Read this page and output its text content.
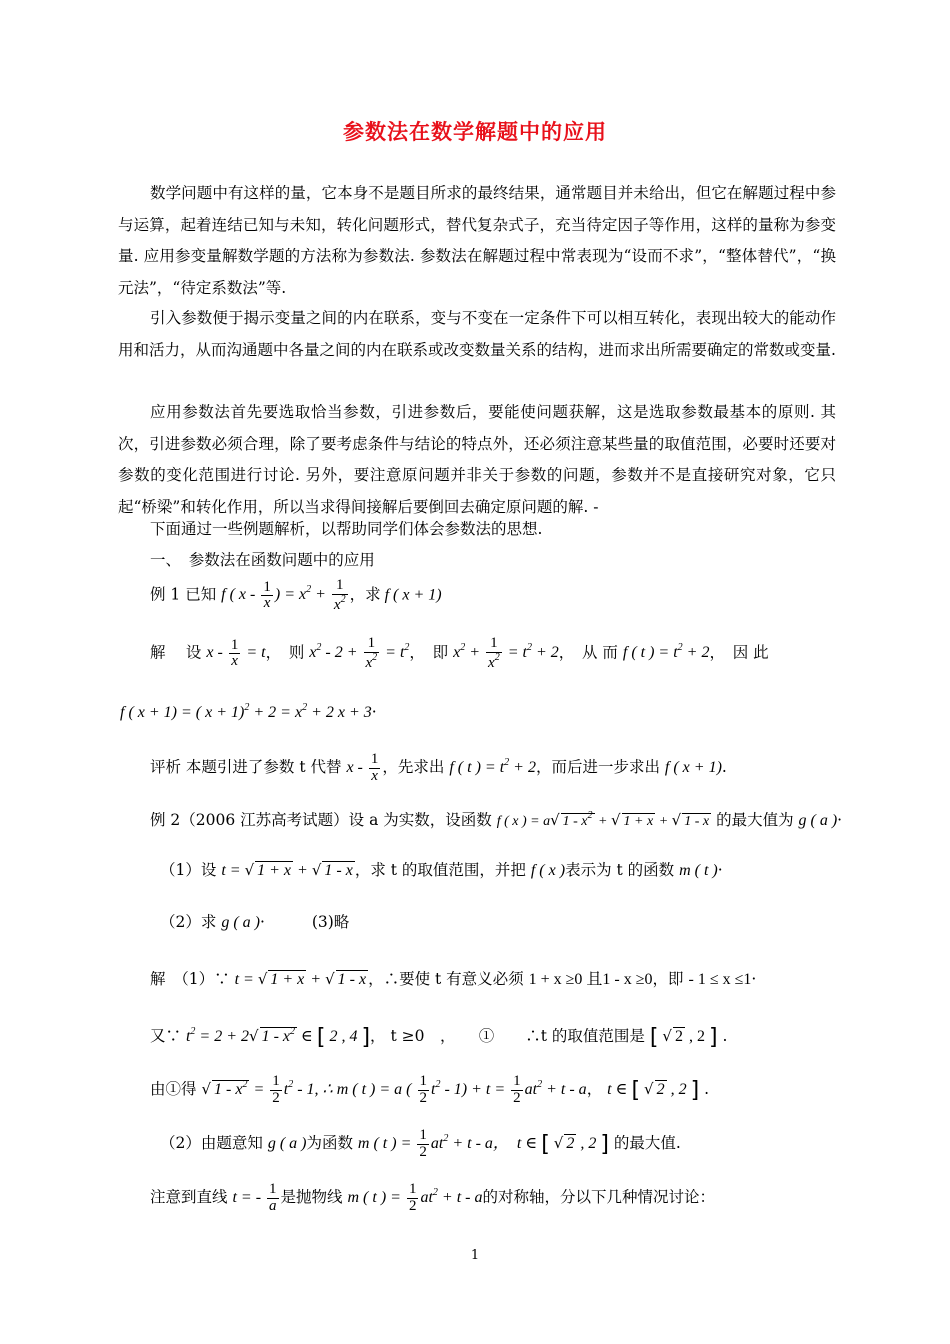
参数法在数学解题中的应用
数学问题中有这样的量，它本身不是题目所求的最终结果，通常题目并未给出，但它在解题过程中参与运算，起着连结已知与未知，转化问题形式，替代复杂式子，充当待定因子等作用，这样的量称为参变量. 应用参变量解数学题的方法称为参数法. 参数法在解题过程中常表现为“设而不求”，“整体替代”，“换元法”，“待定系数法”等.
引入参数便于揭示变量之间的内在联系，变与不变在一定条件下可以相互转化，表现出较大的能动作用和活力，从而沟通题中各量之间的内在联系或改变数量关系的结构，进而求出所需要确定的常数或变量.
应用参数法首先要选取恰当参数，引进参数后，要能使问题获解，这是选取参数最基本的原则. 其次，引进参数必须合理，除了要考虑条件与结论的特点外，还必须注意某些量的取值范围，必要时还要对参数的变化范围进行讨论. 另外，要注意原问题并非关于参数的问题，参数并不是直接研究对象，它只起“桥梁”和转化作用，所以当求得间接解后要倒回去确定原问题的解. -
下面通过一些例题解析，以帮助同学们体会参数法的思想.
一、　参数法在函数问题中的应用
例 1 已知 f ( x - $\frac{1}{x}$ ) = $x^2 + \frac{1}{x^2}$ ，求 f ( x + 1)
解　 设 $x - \frac{1}{x} = t$，　则 $x^2 - 2 + \frac{1}{x^2} = t^2$，　即 $x^2 + \frac{1}{x^2} = t^2 + 2$，　从 而 f ( t ) = $t^2 + 2$，　因 此
f ( x + 1) = ( $x + 1)^2 + 2 = x^2 + 2$ x + 3·
评析 本题引进了参数 t 代替 x - $\frac{1}{x}$ ，先求出 f ( t ) = $t^2 + 2$，而后进一步求出 f ( x + 1).
例 2（2006 江苏高考试题）设 a 为实数，设函数 f ( x ) = a√ $1 - x^2$ + √ 1 + x + √ 1 - x 的最大值为 g ( a )·
（1）设 t = √ 1 + x + √ 1 - x ，求 t 的取值范围，并把 f ( x )表示为 t 的函数 m ( t )·
（2）求 g ( a )·	(3)略
解　（1）∵ t = √ 1 + x + √ 1 - x ，∴要使 t 有意义必须 1 + x ≥0 且1 - x ≥0，即 - 1 ≤ x ≤1·
又∵ $t^2 = 2 + 2√$ $1 - x^2$ ∈ [ 2 , 4 ]， t ≥0　，　　①　　∴t 的取值范围是 [ √ 2 , 2 ] .
由①得 √ $1 - x^2 = \frac{1}{2} t^2 - 1$, ∴ m ( t ) = a ( $\frac{1}{2} t^2 - 1) + t = \frac{1}{2} at^2 + t - a$， t ∈ [ √ 2 , 2 ] .
（2）由题意知 g ( a )为函数 m ( t ) = $\frac{1}{2} at^2 + t - a$，　t ∈ [ √ 2 , 2 ] 的最大值.
注意到直线 t = - $\frac{1}{a}$ 是抛物线 m ( t ) = $\frac{1}{2} at^2 + t - a$的对称轴，分以下几种情况讨论：
1
